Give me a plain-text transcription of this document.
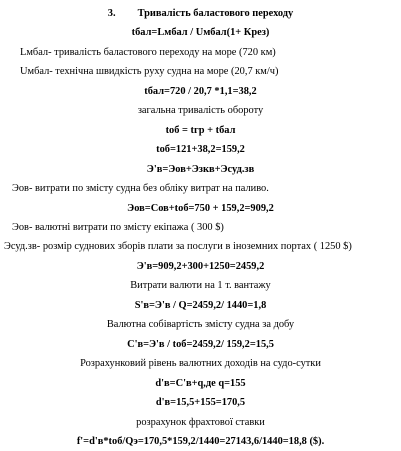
3. Тривалість баластового переходу
tбал=Lмбал / Uмбал(1+ Крез)
Lмбал- тривалість баластового переходу на море (720 км)
Uмбал- технічна швидкість руху судна на море (20,7 км/ч)
tбал=720 / 20,7 *1,1=38,2
загальна тривалість обороту
tоб = tгр + tбал
tоб=121+38,2=159,2
Э'в=Эов+Эзкв+Эсуд.зв
Эов- витрати по змісту судна без обліку витрат на паливо.
Эов=Сов+tоб=750 + 159,2=909,2
Эов- валютні витрати по змісту екіпажа ( 300 $)
Эсуд.зв- розмір суднових зборів плати за послуги в іноземних портах ( 1250 $)
Э'в=909,2+300+1250=2459,2
Витрати валюти на 1 т. вантажу
S'в=Э'в / Q=2459,2/ 1440=1,8
Валютна собівартість змісту судна за добу
C'в=Э'в / tоб=2459,2/ 159,2=15,5
Розрахунковий рівень валютних доходів на судо-сутки
d'в=C'в+q,де q=155
d'в=15,5+155=170,5
розрахунок фрахтової ставки
f'=d'в*tоб/Qэ=170,5*159,2/1440=27143,6/1440=18,8 ($).
